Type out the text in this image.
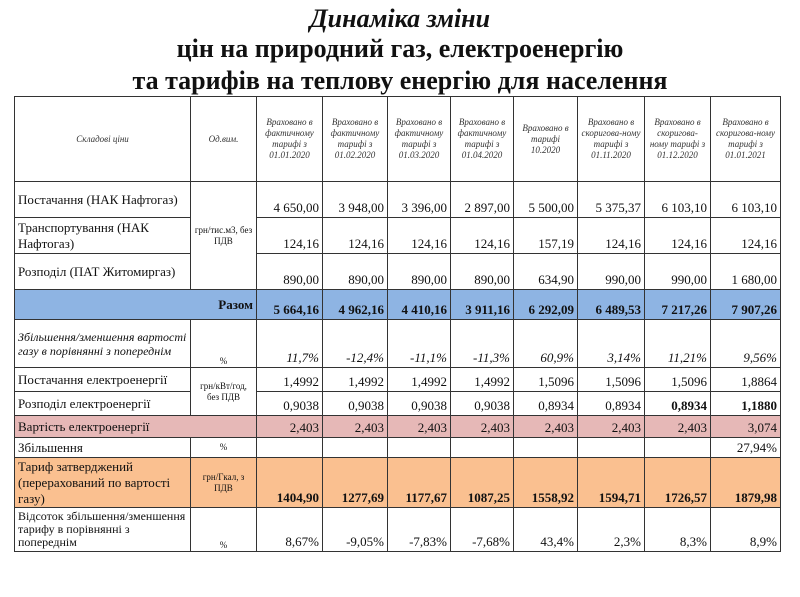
Динаміка зміни
цін на природний газ, електроенергію
та тарифів на теплову енергію для населення
Складові ціни	Од.вим.	Враховано в фактичному тарифі з 01.01.2020	Враховано в фактичному тарифі з 01.02.2020	Враховано в фактичному тарифі з 01.03.2020	Враховано в фактичному тарифі з 01.04.2020	Враховано в тарифі 10.2020	Враховано в скоригова-ному тарифі з 01.11.2020	Враховано в скоригова-ному тарифі з 01.12.2020	Враховано в скоригова-ному тарифі з 01.01.2021
Постачання (НАК Нафтогаз)	грн/тис.м3, без ПДВ	4 650,00	3 948,00	3 396,00	2 897,00	5 500,00	5 375,37	6 103,10	6 103,10
Транспортування (НАК Нафтогаз)		124,16	124,16	124,16	124,16	157,19	124,16	124,16	124,16
Розподіл (ПАТ Житомиргаз)		890,00	890,00	890,00	890,00	634,90	990,00	990,00	1 680,00
Разом		5 664,16	4 962,16	4 410,16	3 911,16	6 292,09	6 489,53	7 217,26	7 907,26
Збільшення/зменшення вартості газу в порівнянні з попереднім	%	11,7%	-12,4%	-11,1%	-11,3%	60,9%	3,14%	11,21%	9,56%
Постачання електроенергії	грн/кВт/год, без ПДВ	1,4992	1,4992	1,4992	1,4992	1,5096	1,5096	1,5096	1,8864
Розподіл електроенергії		0,9038	0,9038	0,9038	0,9038	0,8934	0,8934	0,8934	1,1880
Вартість електроенергії		2,403	2,403	2,403	2,403	2,403	2,403	2,403	3,074
Збільшення	%								27,94%
Тариф затверджений (перерахований по вартості газу)	грн/Гкал, з ПДВ	1404,90	1277,69	1177,67	1087,25	1558,92	1594,71	1726,57	1879,98
Відсоток збільшення/зменшення тарифу в порівнянні з попереднім	%	8,67%	-9,05%	-7,83%	-7,68%	43,4%	2,3%	8,3%	8,9%
